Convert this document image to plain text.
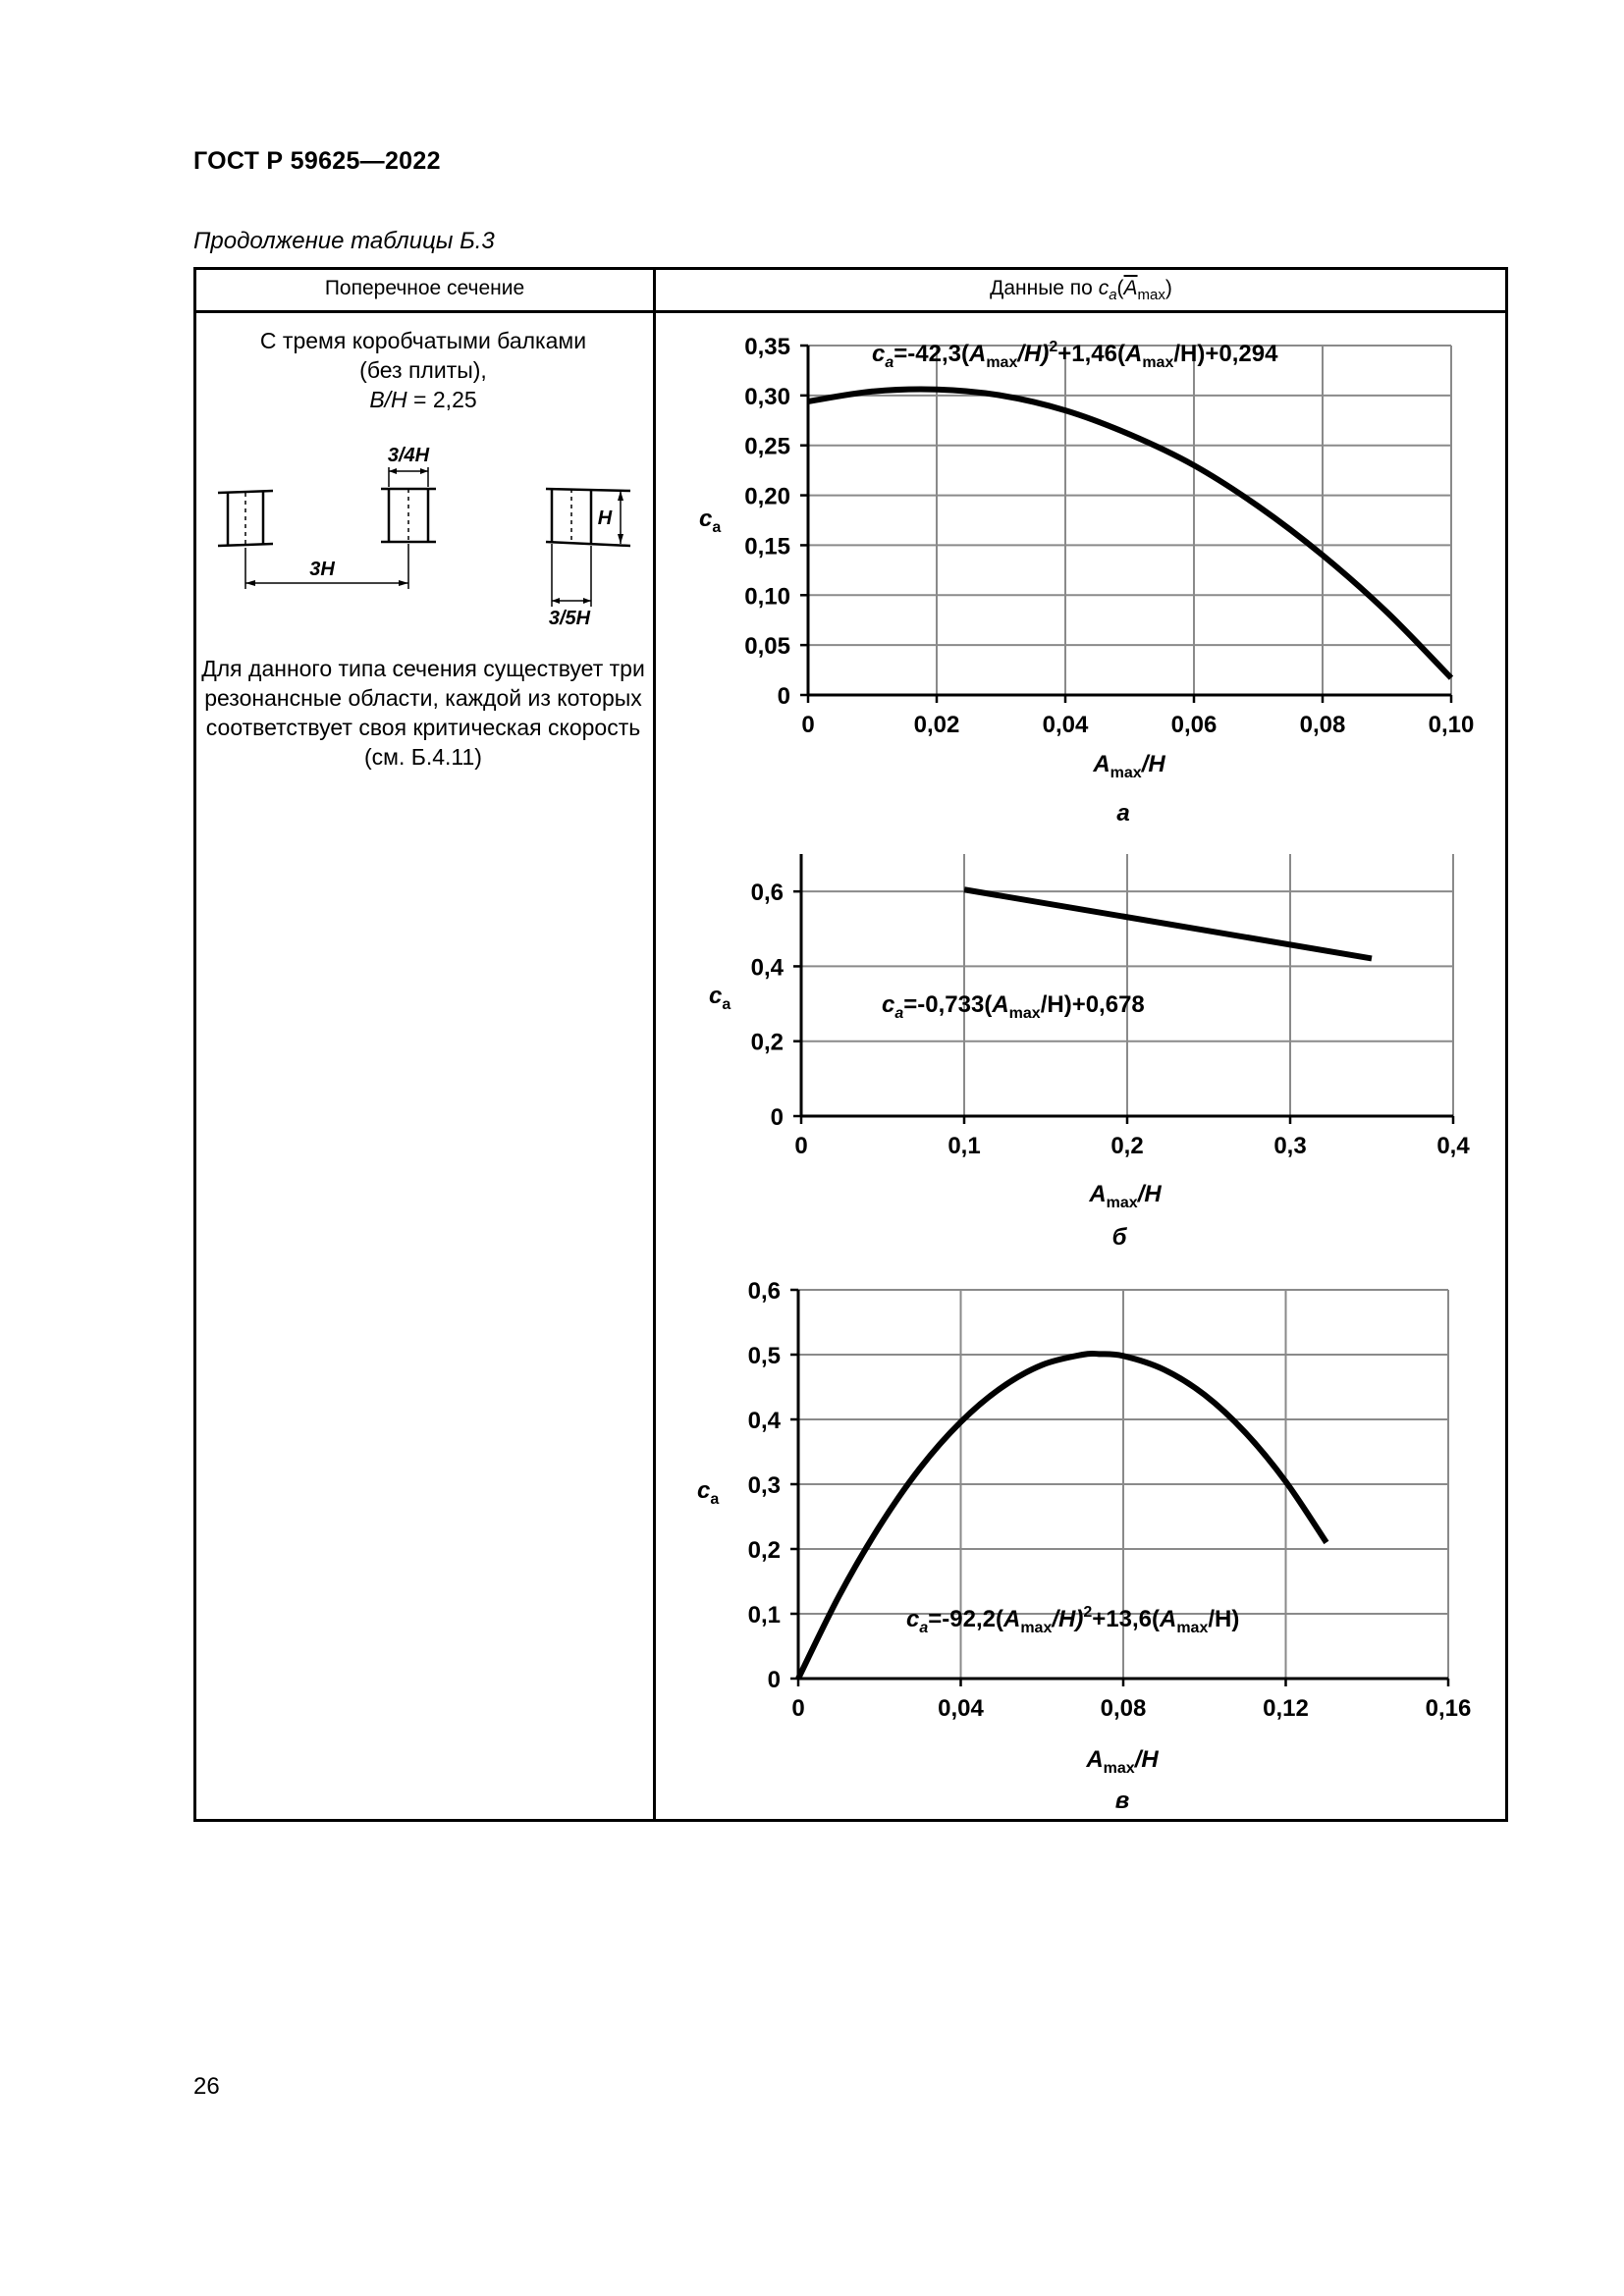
ГОСТ Р 59625—2022
Продолжение таблицы Б.3
Поперечное сечение	Данные по $c_a(\overline{A}_{max})$
С тремя коробчатыми балками
(без плиты),
B/H = 2,25
3/4H
3H
H
3/5H
Для данного типа сечения существует три резонансные области, каждой из которых соответствует своя критическая скорость (см. Б.4.11)
0	0,02	0,04	0,06	0,08	0,10
0
0,05
0,10
0,15
0,20
0,25
0,30
0,35	$c_a=-42,3(A_{max}/H)^2+1,46(A_{max}/H)+0,294$
$A_{max}/H$
$c_a$
а
0	0,1	0,2	0,3	0,4
0
0,2
0,4
0,6
$c_a=-0,733(A_{max}/H)+0,678$
$A_{max}/H$
$c_a$
б
0	0,04	0,08	0,12	0,16
0
0,1
0,2
0,3
0,4
0,5
0,6
$c_a=-92,2(A_{max}/H)^2+13,6(A_{max}/H)$
$A_{max}/H$
$c_a$
в
26
